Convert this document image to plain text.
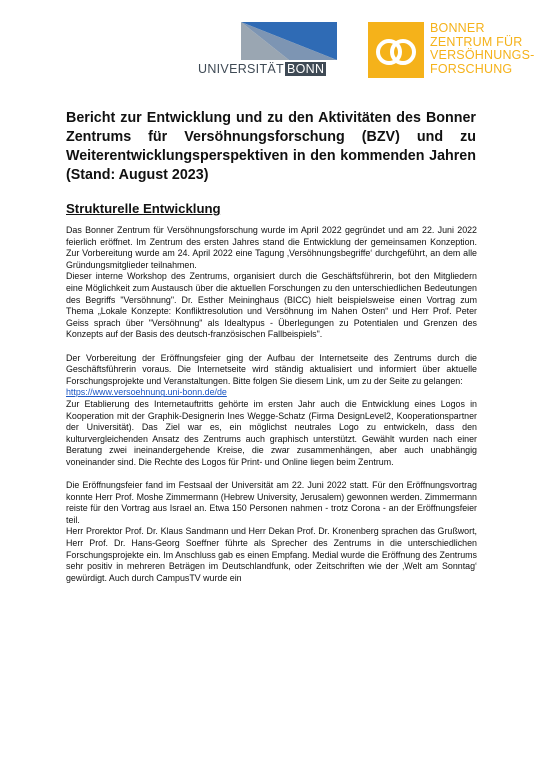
UNIVERSITÄT BONN
BONNER
ZENTRUM FÜR
VERSÖHNUNGS-
FORSCHUNG
Bericht zur Entwicklung und zu den Aktivitäten des Bonner Zentrums für Versöhnungsforschung (BZV) und zu Weiterentwicklungsperspektiven in den kommenden Jahren (Stand: August 2023)
Strukturelle Entwicklung

Das Bonner Zentrum für Versöhnungsforschung wurde im April 2022 gegründet und am 22. Juni 2022 feierlich eröffnet. Im Zentrum des ersten Jahres stand die Entwicklung der gemeinsamen Konzeption. Zur Vorbereitung wurde am 24. April 2022 eine Tagung ‚Versöhnungsbegriffe‘ durchgeführt, an dem alle Gründungsmitglieder teilnahmen.

Dieser interne Workshop des Zentrums, organisiert durch die Geschäftsführerin, bot den Mitgliedern eine Möglichkeit zum Austausch über die aktuellen Forschungen zu den unterschiedlichen Bedeutungen des Begriffs "Versöhnung". Dr. Esther Meininghaus (BICC) hielt beispielsweise einen Vortrag zum Thema „Lokale Konzepte: Konfliktresolution und Versöhnung im Nahen Osten“ und Herr Prof. Peter Geiss sprach über "Versöhnung" als Idealtypus - Überlegungen zu Potentialen und Grenzen des Konzepts auf der Basis des deutsch-französischen Fallbeispiels".

Der Vorbereitung der Eröffnungsfeier ging der Aufbau der Internetseite des Zentrums durch die Geschäftsführerin voraus. Die Internetseite wird ständig aktualisiert und informiert über aktuelle Forschungsprojekte und Veranstaltungen. Bitte folgen Sie diesem Link, um zu der Seite zu gelangen:

https://www.versoehnung.uni-bonn.de/de

Zur Etablierung des Internetauftritts gehörte im ersten Jahr auch die Entwicklung eines Logos in Kooperation mit der Graphik-Designerin Ines Wegge-Schatz (Firma DesignLevel2, Kooperationspartner der Universität). Das Ziel war es, ein möglichst neutrales Logo zu entwickeln, dass den kulturvergleichenden Ansatz des Zentrums auch graphisch unterstützt. Gewählt wurden nach einer Beratung zwei ineinandergehende Kreise, die zwar zusammenhängen, aber auch unabhängig voneinander sind. Die Rechte des Logos für Print- und Online liegen beim Zentrum.

Die Eröffnungsfeier fand im Festsaal der Universität am 22. Juni 2022 statt. Für den Eröffnungsvortrag konnte Herr Prof. Moshe Zimmermann (Hebrew University, Jerusalem) gewonnen werden. Zimmermann reiste für den Vortrag aus Israel an. Etwa 150 Personen nahmen - trotz Corona - an der Eröffnungsfeier teil.

Herr Prorektor Prof. Dr. Klaus Sandmann und Herr Dekan Prof. Dr. Kronenberg sprachen das Grußwort, Herr Prof. Dr. Hans-Georg Soeffner führte als Sprecher des Zentrums in die unterschiedlichen Forschungsprojekte ein. Im Anschluss gab es einen Empfang. Medial wurde die Eröffnung des Zentrums sehr positiv in mehreren Beträgen im Deutschlandfunk, oder Zeitschriften wie der ‚Welt am Sonntag‘ gewürdigt. Auch durch CampusTV wurde ein
